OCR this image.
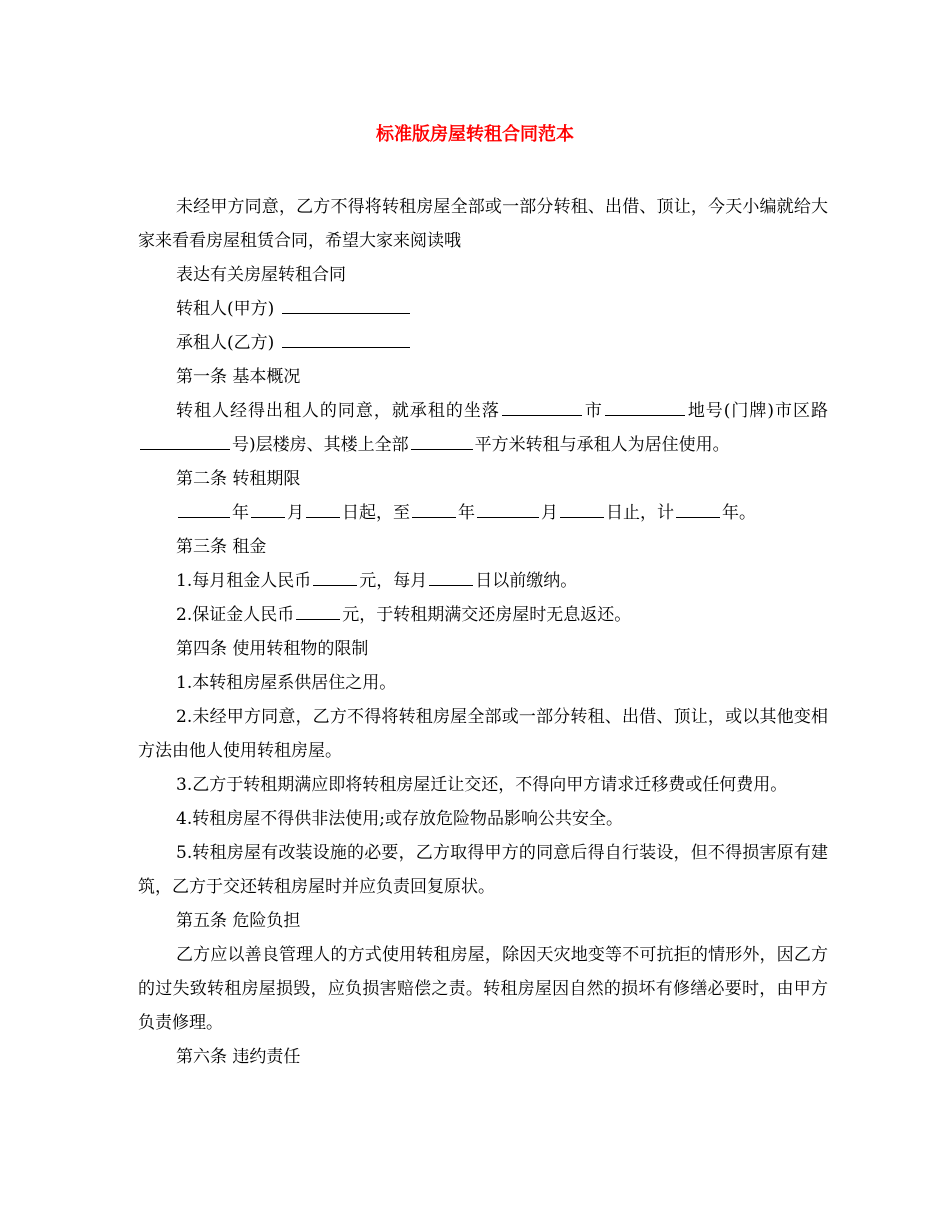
标准版房屋转租合同范本

未经甲方同意，乙方不得将转租房屋全部或一部分转租、出借、顶让，今天小编就给大家来看看房屋租赁合同，希望大家来阅读哦

表达有关房屋转租合同

转租人(甲方)

承租人(乙方)

第一条 基本概况

转租人经得出租人的同意，就承租的坐落	市	地号(门牌)市区路号)层楼房、其楼上全部	平方米转租与承租人为居住使用。

第二条 转租期限

年 月 日起，至	年	月	日止，计	年。

第三条 租金

1.每月租金人民币	元，每月	日以前缴纳。

2.保证金人民币	元，于转租期满交还房屋时无息返还。

第四条 使用转租物的限制

1.本转租房屋系供居住之用。

2.未经甲方同意，乙方不得将转租房屋全部或一部分转租、出借、顶让，或以其他变相方法由他人使用转租房屋。

3.乙方于转租期满应即将转租房屋迁让交还，不得向甲方请求迁移费或任何费用。

4.转租房屋不得供非法使用;或存放危险物品影响公共安全。

5.转租房屋有改装设施的必要，乙方取得甲方的同意后得自行装设，但不得损害原有建筑，乙方于交还转租房屋时并应负责回复原状。

第五条 危险负担

乙方应以善良管理人的方式使用转租房屋，除因天灾地变等不可抗拒的情形外，因乙方的过失致转租房屋损毁，应负损害赔偿之责。转租房屋因自然的损坏有修缮必要时，由甲方负责修理。

第六条 违约责任
